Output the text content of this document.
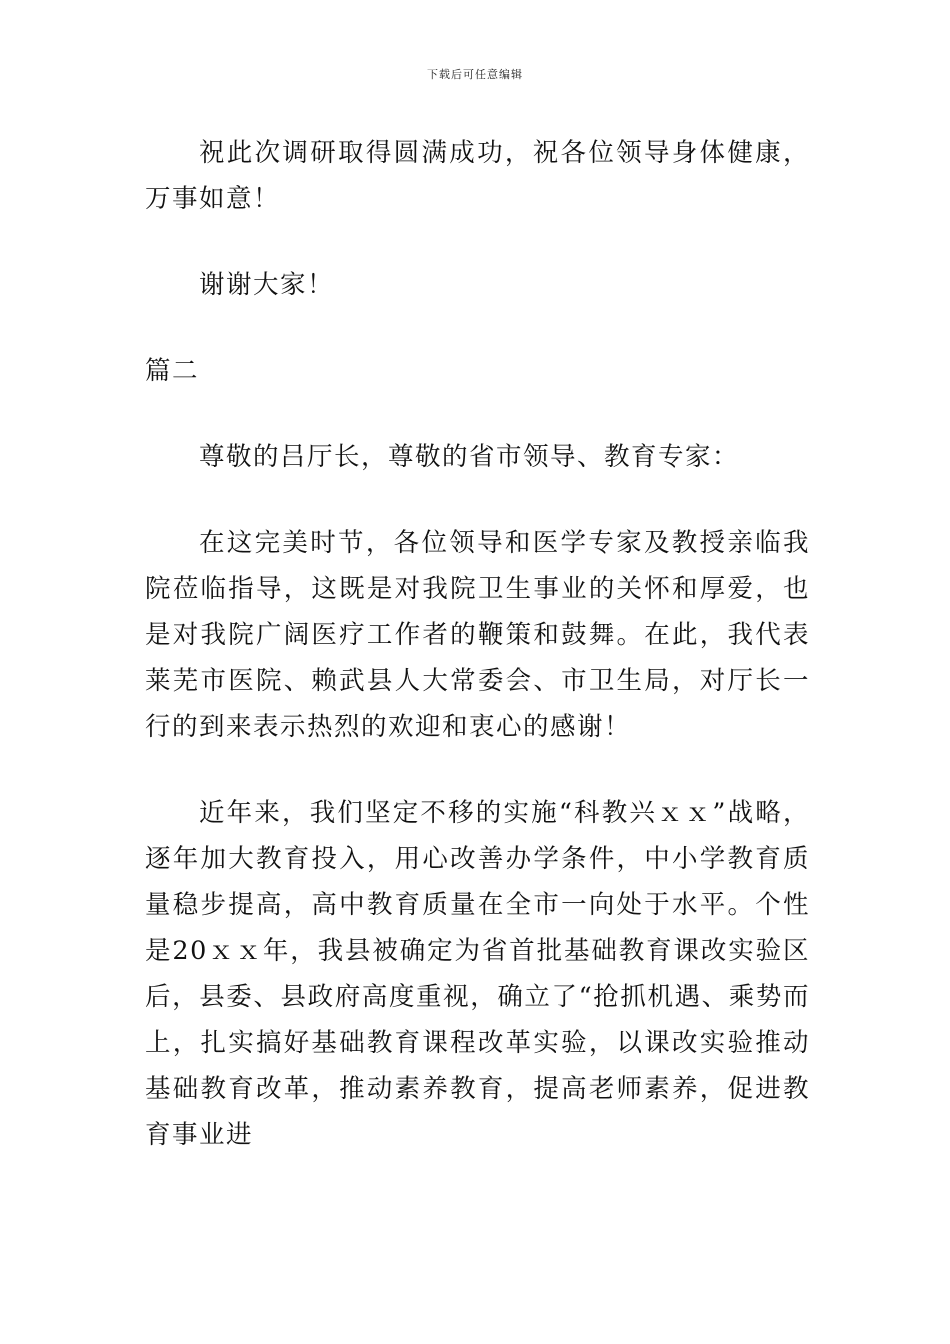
下载后可任意编辑

祝此次调研取得圆满成功，祝各位领导身体健康，万事如意！

谢谢大家！

篇二

尊敬的吕厅长，尊敬的省市领导、教育专家：

在这完美时节，各位领导和医学专家及教授亲临我院莅临指导，这既是对我院卫生事业的关怀和厚爱，也是对我院广阔医疗工作者的鞭策和鼓舞。在此，我代表莱芜市医院、赖武县人大常委会、市卫生局，对厅长一行的到来表示热烈的欢迎和衷心的感谢！

近年来，我们坚定不移的实施“科教兴ｘｘ”战略，逐年加大教育投入，用心改善办学条件，中小学教育质量稳步提高，高中教育质量在全市一向处于水平。个性是20ｘｘ年，我县被确定为省首批基础教育课改实验区后，县委、县政府高度重视，确立了“抢抓机遇、乘势而上，扎实搞好基础教育课程改革实验，以课改实验推动基础教育改革，推动素养教育，提高老师素养，促进教育事业进
